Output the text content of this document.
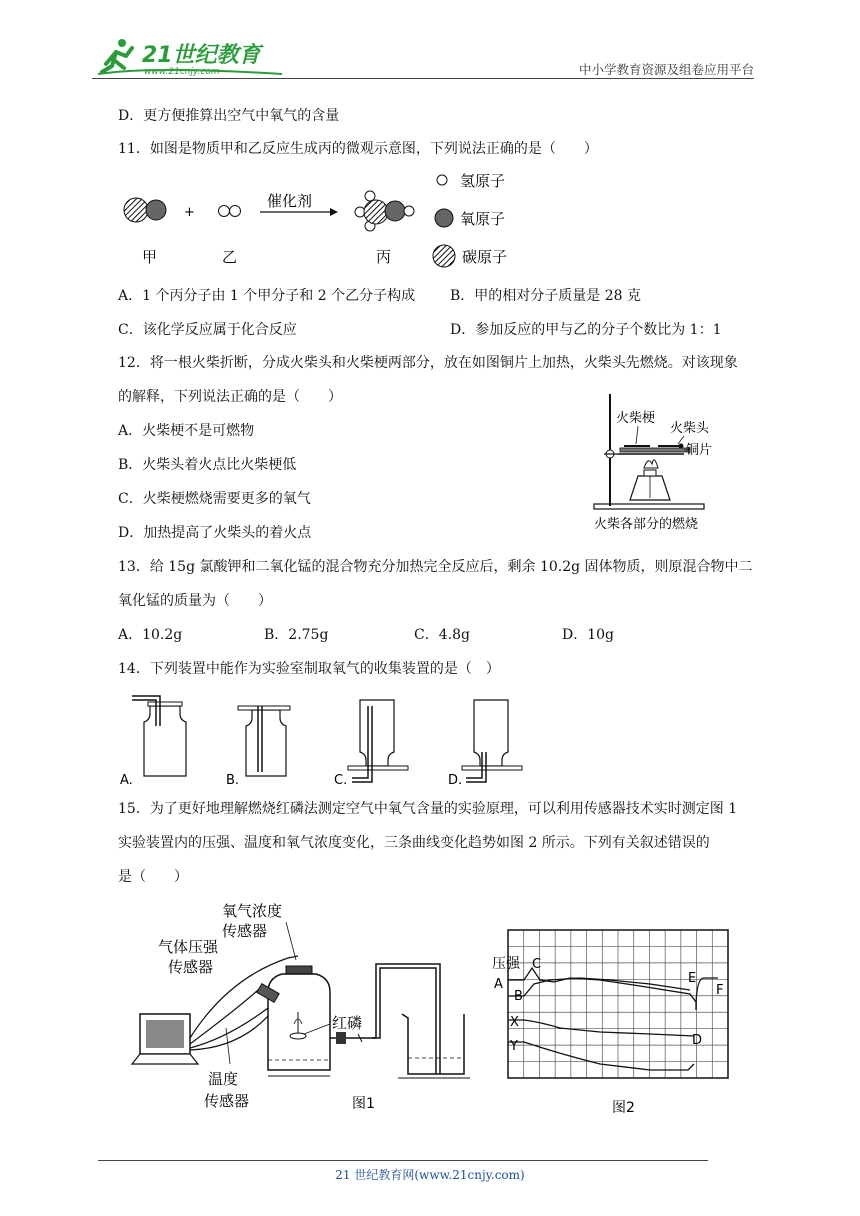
21世纪教育
www.21cnjy.com	中小学教育资源及组卷应用平台
D．更方便推算出空气中氧气的含量
11．如图是物质甲和乙反应生成丙的微观示意图，下列说法正确的是（　　）
+
催化剂
甲	乙	丙
氢原子
氧原子
碳原子
A．1 个丙分子由 1 个甲分子和 2 个乙分子构成 B．甲的相对分子质量是 28 克
C．该化学反应属于化合反应	D．参加反应的甲与乙的分子个数比为 1：1
12．将一根火柴折断，分成火柴头和火柴梗两部分，放在如图铜片上加热，火柴头先燃烧。对该现象
的解释，下列说法正确的是（　　）
A．火柴梗不是可燃物
B．火柴头着火点比火柴梗低
C．火柴梗燃烧需要更多的氧气
D．加热提高了火柴头的着火点
火柴梗
火柴头
铜片
火柴各部分的燃烧
13．给 15g 氯酸钾和二氧化锰的混合物充分加热完全反应后，剩余 10.2g 固体物质，则原混合物中二
氧化锰的质量为（　　）
A．10.2g	B．2.75g	C．4.8g	D．10g
14．下列装置中能作为实验室制取氧气的收集装置的是（　）
A.	B.	C.	D.
15．为了更好地理解燃烧红磷法测定空气中氧气含量的实验原理，可以利用传感器技术实时测定图 1
实验装置内的压强、温度和氧气浓度变化，三条曲线变化趋势如图 2 所示。下列有关叙述错误的
是（　　）
氧气浓度
传感器
气体压强
传感器
红磷
温度
传感器	图1
压强
A
B
C
X
Y	D
E
F
图2
21 世纪教育网(www.21cnjy.com)
